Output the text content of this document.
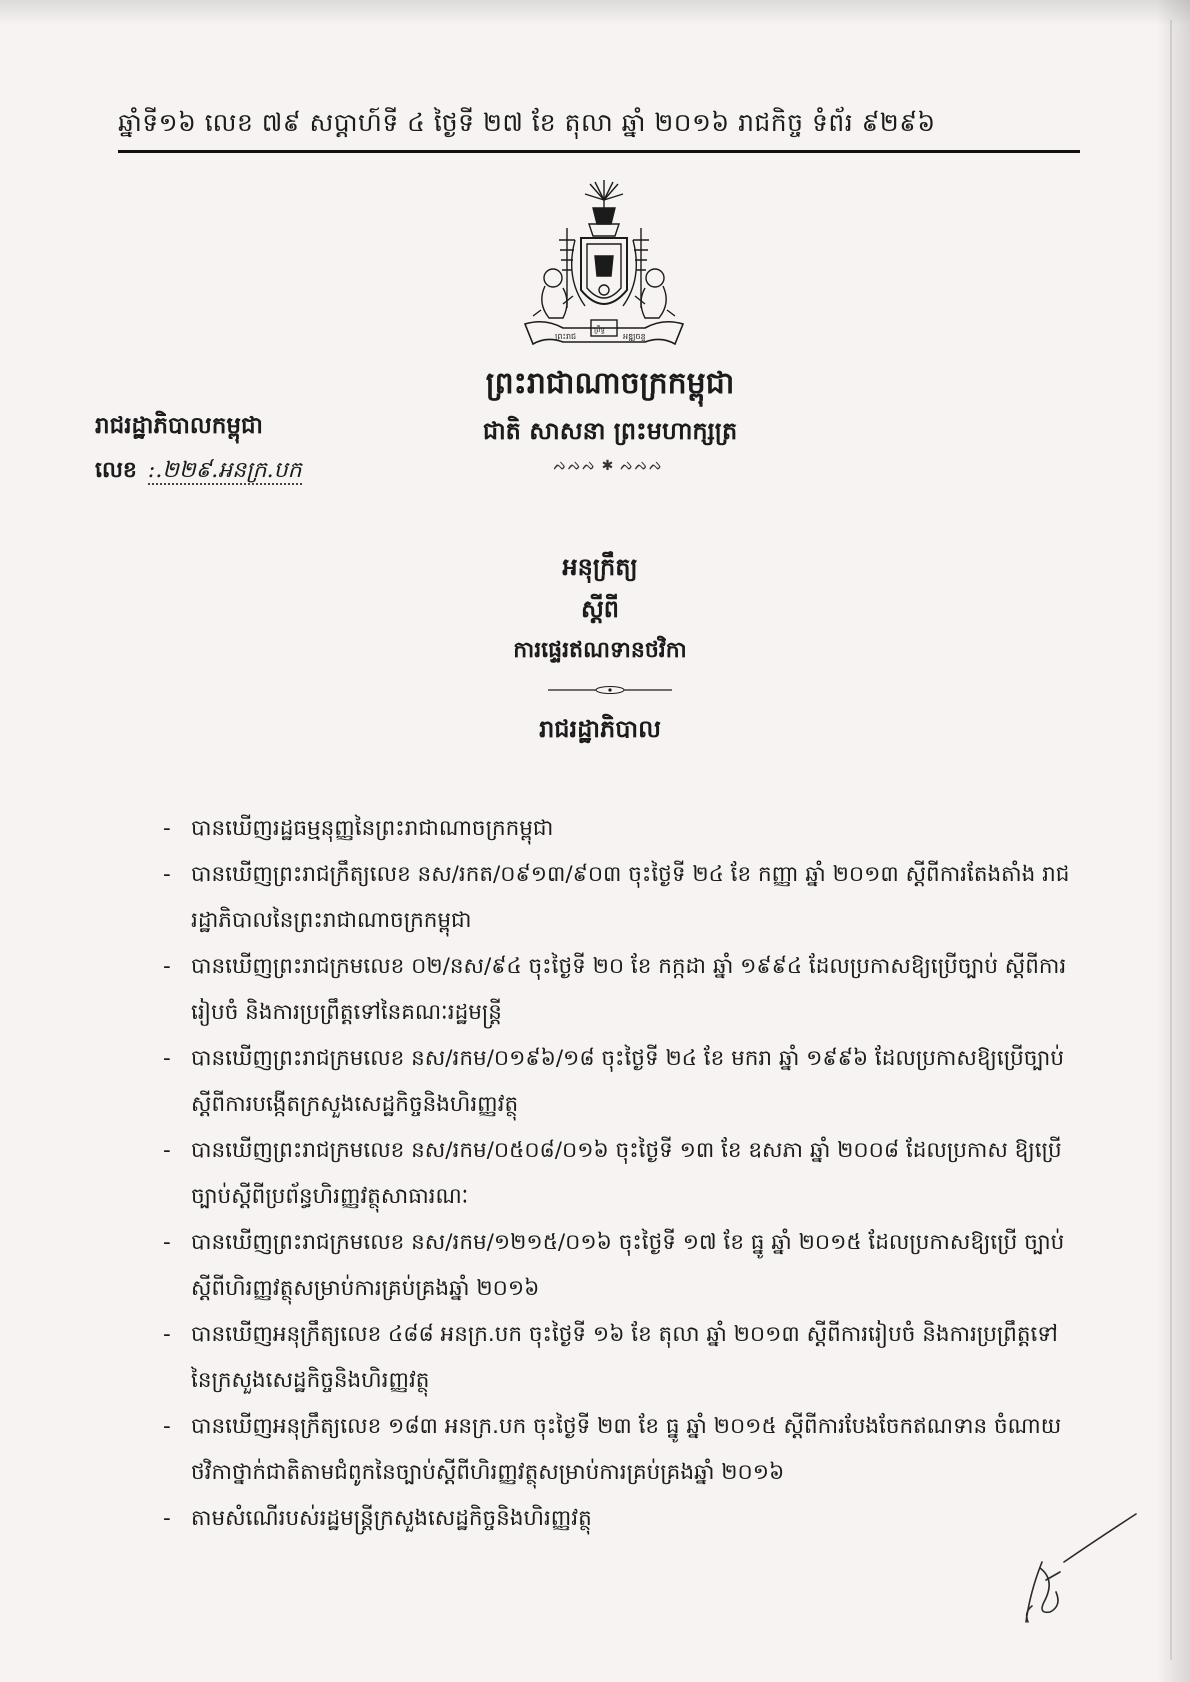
ឆ្នាំទី១៦ លេខ ៧៩ សប្តាហ៍ទី ៤ ថ្ងៃទី ២៧ ខែ តុលា ឆ្នាំ ២០១៦ រាជកិច្ច ទំព័រ ៩២៩៦
ព្រះរាជ
ព្រឹទ្ធ
អឌ្ឍចន្ទ
ព្រះរាជាណាចក្រកម្ពុជា
ជាតិ សាសនា ព្រះមហាក្សត្រ
ᨄᨄᨄ ✱ ᨄᨄᨄ
រាជរដ្ឋាភិបាលកម្ពុជា
លេខ :.២២៩.អនក្រ.បក
អនុក្រឹត្យ
ស្តីពី
ការផ្ទេរឥណទានថវិកា
រាជរដ្ឋាភិបាល
- បានឃើញរដ្ឋធម្មនុញ្ញនៃព្រះរាជាណាចក្រកម្ពុជា
- បានឃើញព្រះរាជក្រឹត្យលេខ នស/រកត/០៩១៣/៩០៣ ចុះថ្ងៃទី ២៤ ខែ កញ្ញា ឆ្នាំ ២០១៣ ស្តីពីការតែងតាំង រាជរដ្ឋាភិបាលនៃព្រះរាជាណាចក្រកម្ពុជា
- បានឃើញព្រះរាជក្រមលេខ ០២/នស/៩៤ ចុះថ្ងៃទី ២០ ខែ កក្កដា ឆ្នាំ ១៩៩៤ ដែលប្រកាសឱ្យប្រើច្បាប់ ស្តីពីការរៀបចំ និងការប្រព្រឹត្តទៅនៃគណៈរដ្ឋមន្ត្រី
- បានឃើញព្រះរាជក្រមលេខ នស/រកម/០១៩៦/១៨ ចុះថ្ងៃទី ២៤ ខែ មករា ឆ្នាំ ១៩៩៦ ដែលប្រកាសឱ្យប្រើច្បាប់ ស្តីពីការបង្កើតក្រសួងសេដ្ឋកិច្ចនិងហិរញ្ញវត្ថុ
- បានឃើញព្រះរាជក្រមលេខ នស/រកម/០៥០៨/០១៦ ចុះថ្ងៃទី ១៣ ខែ ឧសភា ឆ្នាំ ២០០៨ ដែលប្រកាស ឱ្យប្រើច្បាប់ស្តីពីប្រព័ន្ធហិរញ្ញវត្ថុសាធារណៈ
- បានឃើញព្រះរាជក្រមលេខ នស/រកម/១២១៥/០១៦ ចុះថ្ងៃទី ១៧ ខែ ធ្នូ ឆ្នាំ ២០១៥ ដែលប្រកាសឱ្យប្រើ ច្បាប់ស្តីពីហិរញ្ញវត្ថុសម្រាប់ការគ្រប់គ្រងឆ្នាំ ២០១៦
- បានឃើញអនុក្រឹត្យលេខ ៤៨៨ អនក្រ.បក ចុះថ្ងៃទី ១៦ ខែ តុលា ឆ្នាំ ២០១៣ ស្តីពីការរៀបចំ និងការប្រព្រឹត្តទៅ នៃក្រសួងសេដ្ឋកិច្ចនិងហិរញ្ញវត្ថុ
- បានឃើញអនុក្រឹត្យលេខ ១៨៣ អនក្រ.បក ចុះថ្ងៃទី ២៣ ខែ ធ្នូ ឆ្នាំ ២០១៥ ស្តីពីការបែងចែកឥណទាន ចំណាយថវិកាថ្នាក់ជាតិតាមជំពូកនៃច្បាប់ស្តីពីហិរញ្ញវត្ថុសម្រាប់ការគ្រប់គ្រងឆ្នាំ ២០១៦
- តាមសំណើរបស់រដ្ឋមន្ត្រីក្រសួងសេដ្ឋកិច្ចនិងហិរញ្ញវត្ថុ
